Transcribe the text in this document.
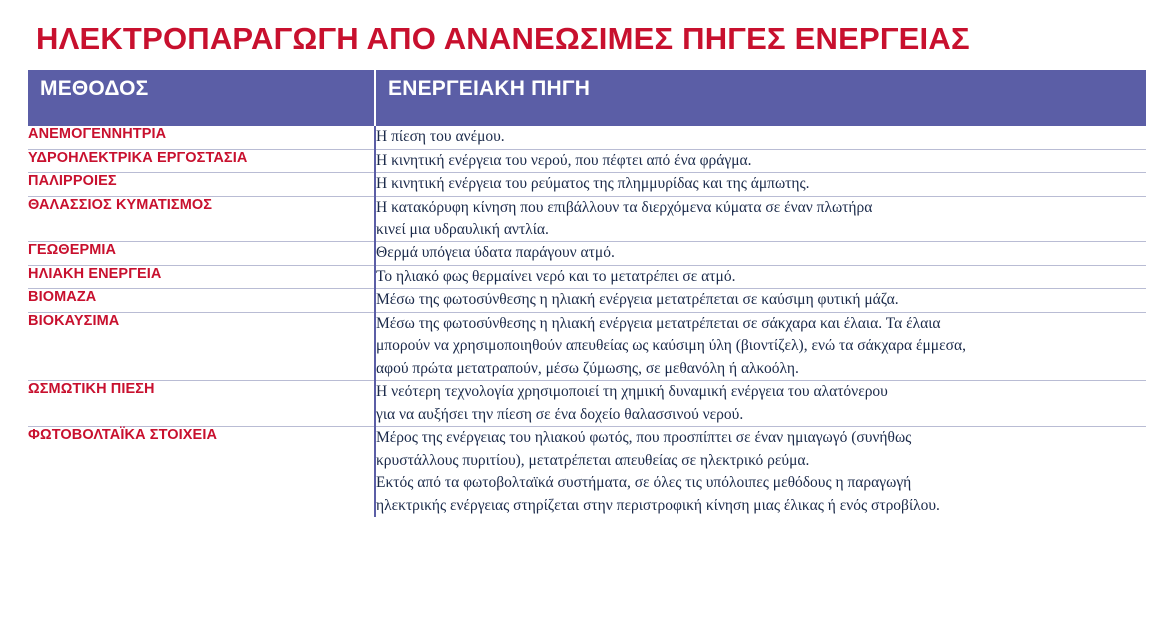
ΗΛΕΚΤΡΟΠΑΡΑΓΩΓΗ ΑΠΟ ΑΝΑΝΕΩΣΙΜΕΣ ΠΗΓΕΣ ΕΝΕΡΓΕΙΑΣ
ΜΕΘΟΔΟΣ	ΕΝΕΡΓΕΙΑΚΗ ΠΗΓΗ
ΑΝΕΜΟΓΕΝΝΗΤΡΙΑ	Η πίεση του ανέμου.

ΥΔΡΟΗΛΕΚΤΡΙΚΑ ΕΡΓΟΣΤΑΣΙΑ	Η κινητική ενέργεια του νερού, που πέφτει από ένα φράγμα.

ΠΑΛΙΡΡΟΙΕΣ	Η κινητική ενέργεια του ρεύματος της πλημμυρίδας και της άμπωτης.

ΘΑΛΑΣΣΙΟΣ ΚΥΜΑΤΙΣΜΟΣ	Η κατακόρυφη κίνηση που επιβάλλουν τα διερχόμενα κύματα σε έναν πλωτήρα
κινεί μια υδραυλική αντλία.

ΓΕΩΘΕΡΜΙΑ	Θερμά υπόγεια ύδατα παράγουν ατμό.

ΗΛΙΑΚΗ ΕΝΕΡΓΕΙΑ	Το ηλιακό φως θερμαίνει νερό και το μετατρέπει σε ατμό.

ΒΙΟΜΑΖΑ	Μέσω της φωτοσύνθεσης η ηλιακή ενέργεια μετατρέπεται σε καύσιμη φυτική μάζα.

ΒΙΟΚΑΥΣΙΜΑ	Μέσω της φωτοσύνθεσης η ηλιακή ενέργεια μετατρέπεται σε σάκχαρα και έλαια. Τα έλαια
μπορούν να χρησιμοποιηθούν απευθείας ως καύσιμη ύλη (βιοντίζελ), ενώ τα σάκχαρα έμμεσα,
αφού πρώτα μετατραπούν, μέσω ζύμωσης, σε μεθανόλη ή αλκοόλη.

ΩΣΜΩΤΙΚΗ ΠΙΕΣΗ	Η νεότερη τεχνολογία χρησιμοποιεί τη χημική δυναμική ενέργεια του αλατόνερου
για να αυξήσει την πίεση σε ένα δοχείο θαλασσινού νερού.

ΦΩΤΟΒΟΛΤΑΪΚΑ ΣΤΟΙΧΕΙΑ	Μέρος της ενέργειας του ηλιακού φωτός, που προσπίπτει σε έναν ημιαγωγό (συνήθως
κρυστάλλους πυριτίου), μετατρέπεται απευθείας σε ηλεκτρικό ρεύμα.
Εκτός από τα φωτοβολταϊκά συστήματα, σε όλες τις υπόλοιπες μεθόδους η παραγωγή
ηλεκτρικής ενέργειας στηρίζεται στην περιστροφική κίνηση μιας έλικας ή ενός στροβίλου.
